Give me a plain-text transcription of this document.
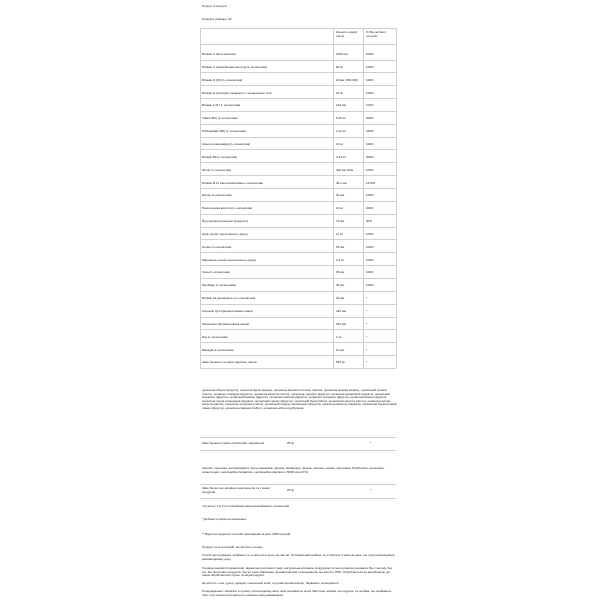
Порція: 4 капсули
Порцій в упаковці: 30
Кількість однієї порції
% Від добової потреби
Вітамін А (бета-каротин)	1000 мкг	100%
Вітамін С (аскорбінова кислота) (L-селенітова)	90 мг	100%
Вітамін D (D3) (L-селенітова)	20 мкг (800 МО)	100%
Вітамін Е (d-альфа-токоферол з ненасиченої олії)	15 мг	100%
Вітамін К (К1 її, селенітова)	120 мкг	100%
Тіамін (В1) (L-селенітова)	6.25 мг	520%
Рибофлавін (В2) (L-селенітова)	3.13 мг	240%
Ніацин (ніацинамід) (L-селенітова)	16 мг	100%
Вітамін В6 (L-селенітова)	3.44 мг	200%
Фолат (L-селенітова)	400 мкг DFE	100%
Вітамін В-12 (метилкобаламін L-селенітова)	49.1 мкг	1670%
Біотин (L-селенітова)	30 мкг	100%
Пантотенова кислота (L-селенітова)	10 мг	200%
Йод (органічні морські водорості)	75 мкг	50%
Цинк (хелат нерозчинного цинку)	11 мг	100%
Селен (L-селенітова)	55 мкг	100%
Марганець (хелат нерозчинного цинку)	2.3 мг	100%
Хром (L-селенітова)	35 мкг	100%
Молібден (L-селенітова)	45 мкг	100%
Вітамін К2 (менахінон -4 L-селенітова)	25 мкг	*
Коензим Q10 (ферментована окара)	425 мкг	*
Лікопеноїн (ферментована окара)	250 мкг	*
Бор (L-селенітова)	1 мг	*
Ванадій (L-селенітова)	10 мкг	*
Змiш брокколі та суміш фруктів і овочів	545 мг	*
органічна яблуко (фрукти), органічні буряк (корінь), органічна брокколі (стебло і квітки), органічна морква (корінь), органічний шпинат (листя), органічні помідори (фрукти), органічна капуста (листя), органічна чорниця (фрукти), органічна журавлина (фрукти), органічний апельсин (фрукти), органічний ананас (фрукти), органічна малина (фрукти), органічна полуниця (фрукти), органічна вишня (фрукти), органічна чорна смородина (фрукти), органічний гранат (фрукти), органічний бузок (квіти), органічний капуста (листя), органічна цвітна капуста (квітки), органічна петрушка (листя), органічний перець халапеньйо (фрукти), органічна квасоля (насіння), органічний бурштиновий лимон (фрукти), органічна спаржа (стебло), органічна цибуля (цибулина)
Змiш брокколі суміш пробіотиків і ферментів	25 мг	*
Амилаз, протеаза, антиоксиданти, бета-глюканаза, ціклаза, бромелаїн, фітаза, лактаза, папаїн, пектиназа. Пробіотики: колоніоїди, галактозиди, Lactobacillus bulgaricus, Lactobacillus plantarum (5000 млн КУО).
Змiш біологічно активних компонентів та з інших продуктів	25 мг	*
глутатіон і 2,3,2 (оптимізована мікроорганізмами) L-селенітова
* Добова потреба не визначена.
** Відсоток щоденної потреби заснований на дієті 2000 калорій
Продукт не для ін'єкцій. Не містить глютену.
Спосіб застосування: приймати по 4 капсули в день під час їжі. Оптимальний прийом: по 2 капсули 2 рази на день. Не слід перевищувати рекомендовану дозу.
Толивна ранкові (гіпромелоза), відновлені рослинні (гуар), натуральна крохмаль (кукурудза) та інші органічні речовини. Без глютену, без сої, без молочних продуктів, без штучних барвників, ароматизаторів і консервантів. Не містить ГМО. Обробляється на виробництві, де також обробляються горіхи та морепродукти.
Не містить: сою, цукор, дріжджі, пшеничний клей, штучний ароматизатор, барвники і консерванти.
Попередження: зберігати в сухому, прохолодному місці поза досяжністю дітей. Вагітним, жінкам, що годують, та особам, що приймають ліки, слід проконсультуватися з лікарем перед вживанням.
